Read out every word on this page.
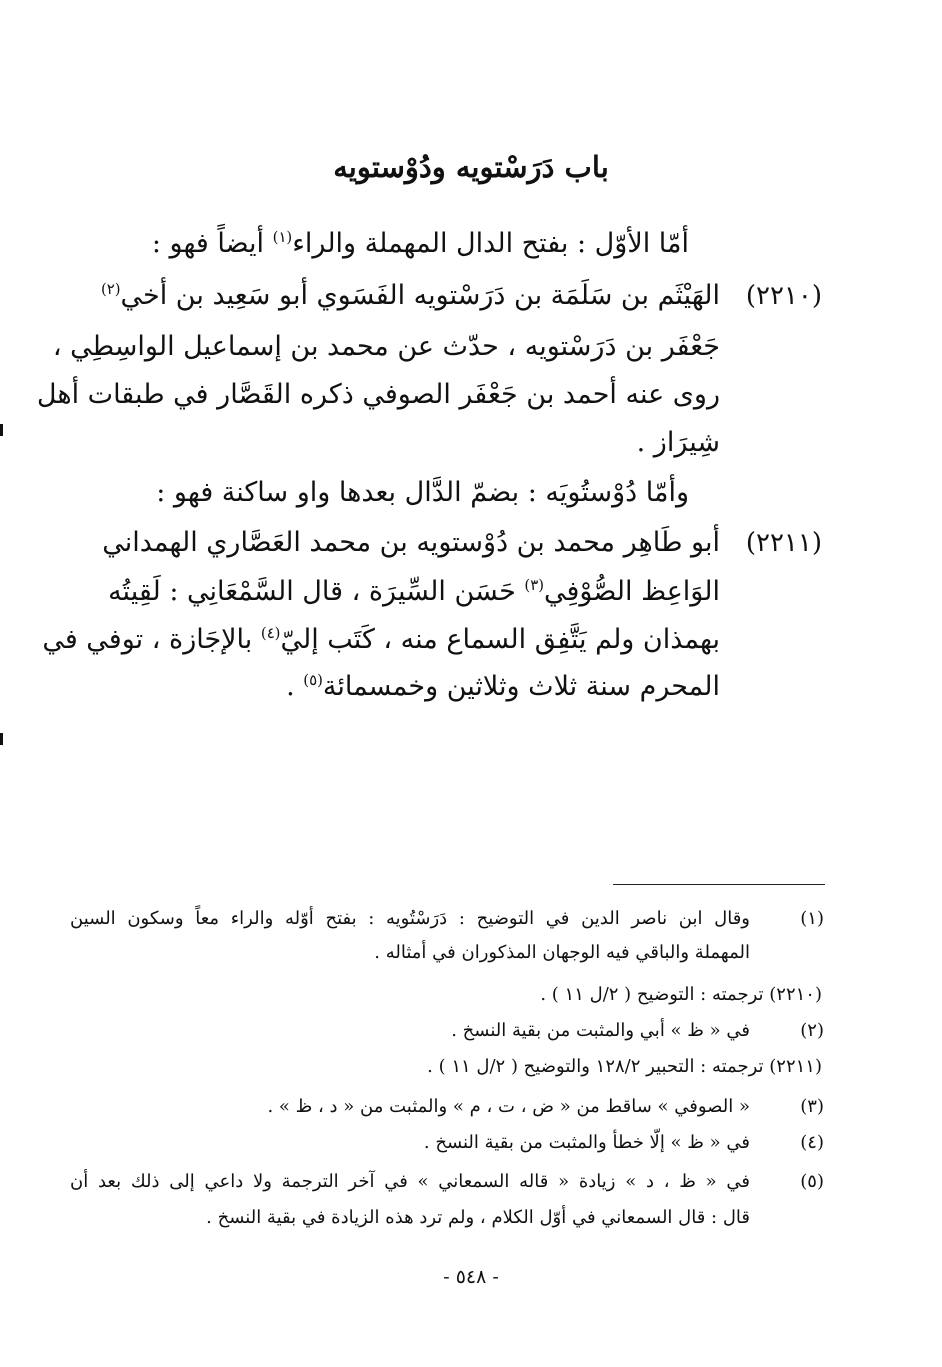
باب دَرَسْتويه ودُوْستويه
أمّا الأوّل : بفتح الدال المهملة والراء$^{(١)}$ أيضاً فهو :
(٢٢١٠)
الهَيْثَم بن سَلَمَة بن دَرَسْتويه الفَسَوي أبو سَعِيد بن أخي$^{(٢)}$
جَعْفَر بن دَرَسْتويه ، حدّث عن محمد بن إسماعيل الواسِطِي ،
روى عنه أحمد بن جَعْفَر الصوفي ذكره القَصَّار في طبقات أهل
شِيرَاز .
وأمّا دُوْستُويَه : بضمّ الدَّال بعدها واو ساكنة فهو :
(٢٢١١)
أبو طَاهِر محمد بن دُوْستويه بن محمد العَصَّاري الهمداني
الوَاعِظ الصُّوْفِي$^{(٣)}$ حَسَن السِّيرَة ، قال السَّمْعَانِي : لَقِيتُه
بهمذان ولم يَتَّفِق السماع منه ، كَتَب إليّ$^{(٤)}$ بالإجَازة ، توفي في
المحرم سنة ثلاث وثلاثين وخمسمائة$^{(٥)}$ .
(١)
وقال ابن ناصر الدين في التوضيح : دَرَسْتُويه : بفتح أوّله والراء معاً وسكون السين
المهملة والباقي فيه الوجهان المذكوران في أمثاله .
(٢٢١٠) ترجمته : التوضيح ( ٢/ل ١١ ) .
(٢)
في « ظ » أبي والمثبت من بقية النسخ .
(٢٢١١) ترجمته : التحبير ١٢٨/٢ والتوضيح ( ٢/ل ١١ ) .
(٣)
« الصوفي » ساقط من « ض ، ت ، م » والمثبت من « د ، ظ » .
(٤)
في « ظ » إلّا خطأ والمثبت من بقية النسخ .
(٥)
في « ظ ، د » زيادة « قاله السمعاني » في آخر الترجمة ولا داعي إلى ذلك بعد أن
قال : قال السمعاني في أوّل الكلام ، ولم ترد هذه الزيادة في بقية النسخ .
- ٥٤٨ -
